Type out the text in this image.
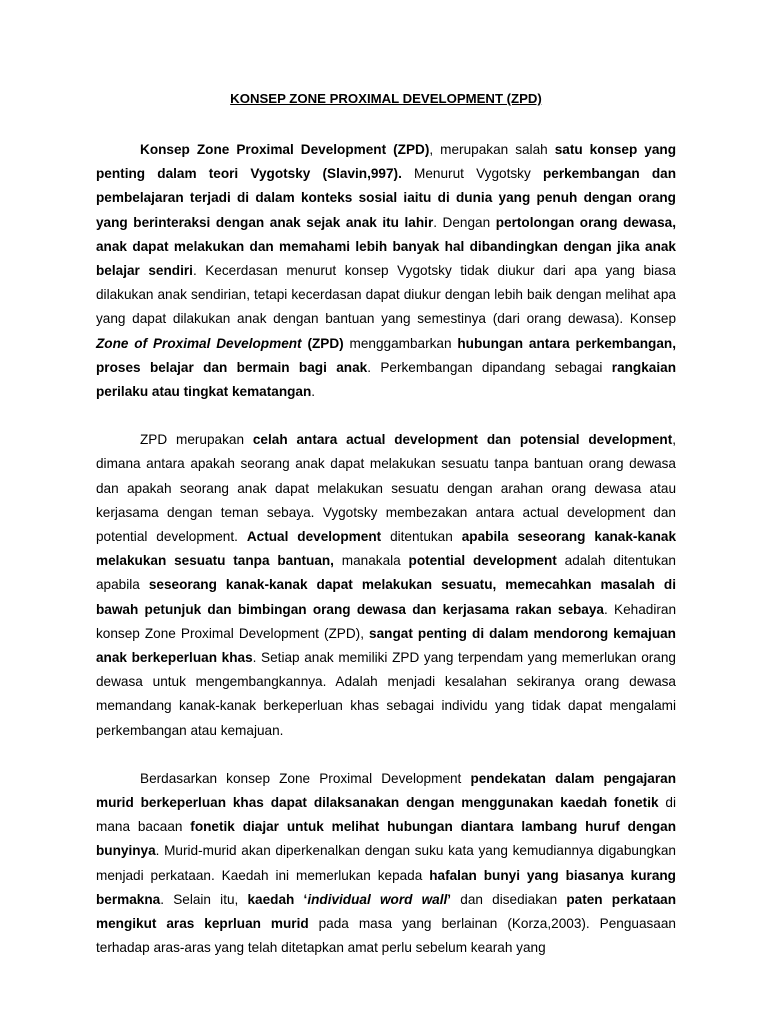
KONSEP ZONE PROXIMAL DEVELOPMENT (ZPD)

Konsep Zone Proximal Development (ZPD), merupakan salah satu konsep yang penting dalam teori Vygotsky (Slavin,997). Menurut Vygotsky perkembangan dan pembelajaran terjadi di dalam konteks sosial iaitu di dunia yang penuh dengan orang yang berinteraksi dengan anak sejak anak itu lahir. Dengan pertolongan orang dewasa, anak dapat melakukan dan memahami lebih banyak hal dibandingkan dengan jika anak belajar sendiri. Kecerdasan menurut konsep Vygotsky tidak diukur dari apa yang biasa dilakukan anak sendirian, tetapi kecerdasan dapat diukur dengan lebih baik dengan melihat apa yang dapat dilakukan anak dengan bantuan yang semestinya (dari orang dewasa). Konsep Zone of Proximal Development (ZPD) menggambarkan hubungan antara perkembangan, proses belajar dan bermain bagi anak. Perkembangan dipandang sebagai rangkaian perilaku atau tingkat kematangan.

ZPD merupakan celah antara actual development dan potensial development, dimana antara apakah seorang anak dapat melakukan sesuatu tanpa bantuan orang dewasa dan apakah seorang anak dapat melakukan sesuatu dengan arahan orang dewasa atau kerjasama dengan teman sebaya. Vygotsky membezakan antara actual development dan potential development. Actual development ditentukan apabila seseorang kanak-kanak melakukan sesuatu tanpa bantuan, manakala potential development adalah ditentukan apabila seseorang kanak-kanak dapat melakukan sesuatu, memecahkan masalah di bawah petunjuk dan bimbingan orang dewasa dan kerjasama rakan sebaya. Kehadiran konsep Zone Proximal Development (ZPD), sangat penting di dalam mendorong kemajuan anak berkeperluan khas. Setiap anak memiliki ZPD yang terpendam yang memerlukan orang dewasa untuk mengembangkannya. Adalah menjadi kesalahan sekiranya orang dewasa memandang kanak-kanak berkeperluan khas sebagai individu yang tidak dapat mengalami perkembangan atau kemajuan.

Berdasarkan konsep Zone Proximal Development pendekatan dalam pengajaran murid berkeperluan khas dapat dilaksanakan dengan menggunakan kaedah fonetik di mana bacaan fonetik diajar untuk melihat hubungan diantara lambang huruf dengan bunyinya. Murid-murid akan diperkenalkan dengan suku kata yang kemudiannya digabungkan menjadi perkataan. Kaedah ini memerlukan kepada hafalan bunyi yang biasanya kurang bermakna. Selain itu, kaedah ‘individual word wall’ dan disediakan paten perkataan mengikut aras keprluan murid pada masa yang berlainan (Korza,2003). Penguasaan terhadap aras-aras yang telah ditetapkan amat perlu sebelum kearah yang
